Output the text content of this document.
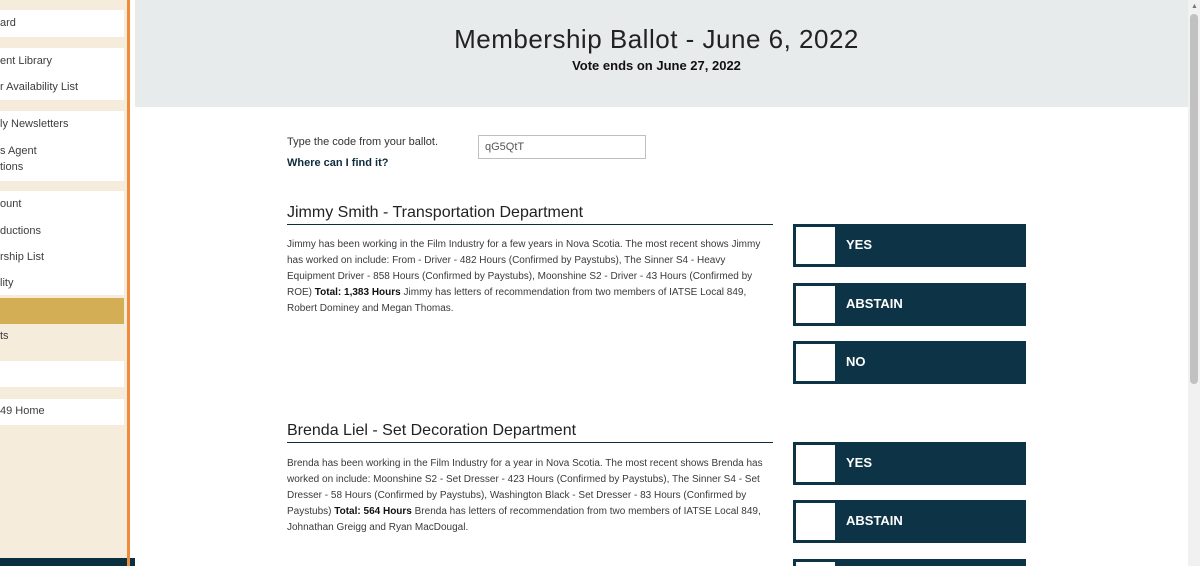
ard
ent Library
r Availability List
ly Newsletters
s Agent
tions
ount
ductions
rship List
lity
ts
49 Home
Membership Ballot - June 6, 2022
Vote ends on June 27, 2022
Type the code from your ballot.
Where can I find it?
qG5QtT
Jimmy Smith - Transportation Department
Jimmy has been working in the Film Industry for a few years in Nova Scotia. The most recent shows Jimmy has worked on include: From - Driver - 482 Hours (Confirmed by Paystubs), The Sinner S4 - Heavy Equipment Driver - 858 Hours (Confirmed by Paystubs), Moonshine S2 - Driver - 43 Hours (Confirmed by ROE) Total: 1,383 Hours Jimmy has letters of recommendation from two members of IATSE Local 849, Robert Dominey and Megan Thomas.
YES
ABSTAIN
NO
Brenda Liel - Set Decoration Department
Brenda has been working in the Film Industry for a year in Nova Scotia. The most recent shows Brenda has worked on include: Moonshine S2 - Set Dresser - 423 Hours (Confirmed by Paystubs), The Sinner S4 - Set Dresser - 58 Hours (Confirmed by Paystubs), Washington Black - Set Dresser - 83 Hours (Confirmed by Paystubs) Total: 564 Hours Brenda has letters of recommendation from two members of IATSE Local 849, Johnathan Greigg and Ryan MacDougal.
YES
ABSTAIN
▲
